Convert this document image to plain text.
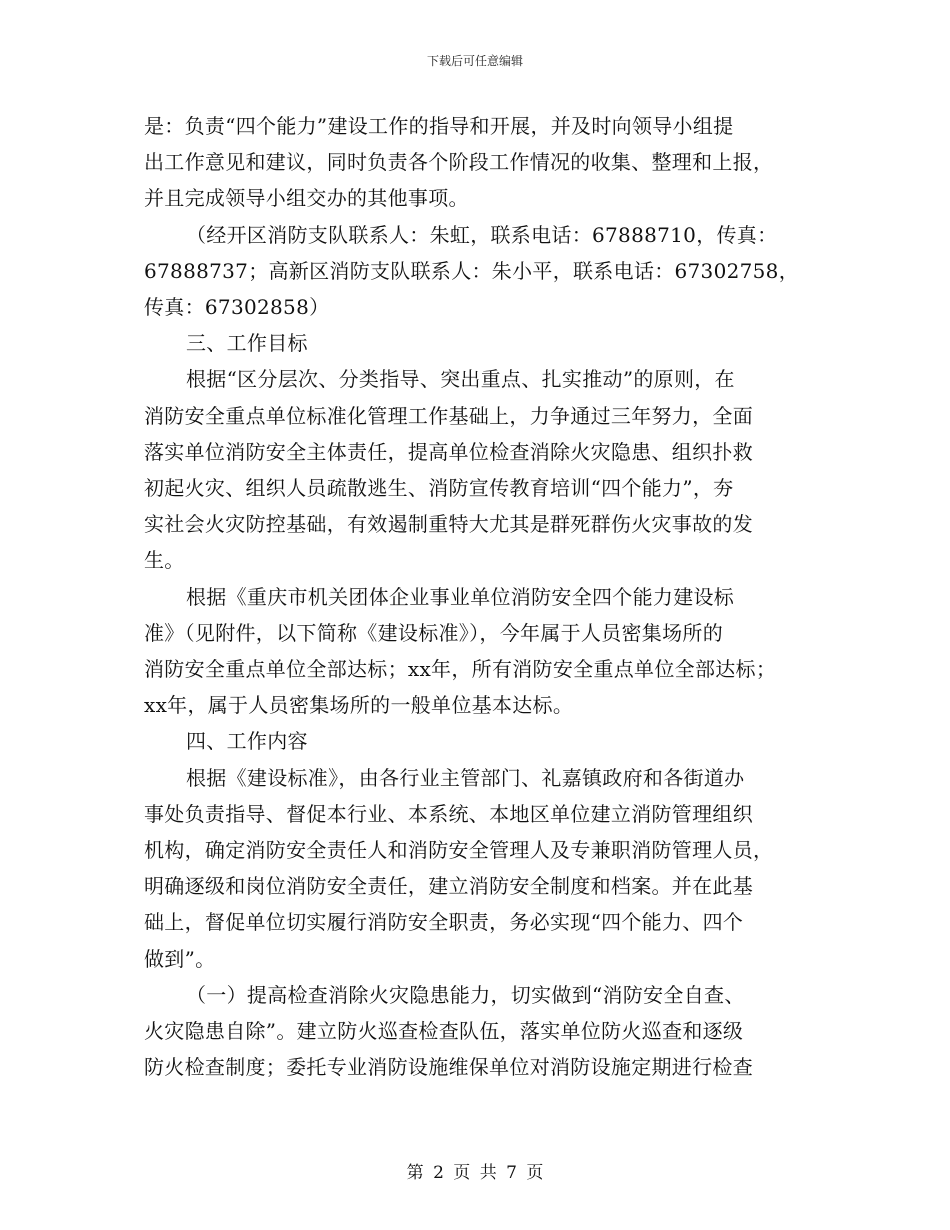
下载后可任意编辑
是：负责“四个能力”建设工作的指导和开展，并及时向领导小组提
出工作意见和建议，同时负责各个阶段工作情况的收集、整理和上报，
并且完成领导小组交办的其他事项。
（经开区消防支队联系人：朱虹，联系电话：67888710，传真：
67888737；高新区消防支队联系人：朱小平，联系电话：67302758，
传真：67302858）
三、工作目标
根据“区分层次、分类指导、突出重点、扎实推动”的原则，在
消防安全重点单位标准化管理工作基础上，力争通过三年努力，全面
落实单位消防安全主体责任，提高单位检查消除火灾隐患、组织扑救
初起火灾、组织人员疏散逃生、消防宣传教育培训“四个能力”，夯
实社会火灾防控基础，有效遏制重特大尤其是群死群伤火灾事故的发
生。
根据《重庆市机关团体企业事业单位消防安全四个能力建设标
准》（见附件，以下简称《建设标准》），今年属于人员密集场所的
消防安全重点单位全部达标；xx年，所有消防安全重点单位全部达标；
xx年，属于人员密集场所的一般单位基本达标。
四、工作内容
根据《建设标准》，由各行业主管部门、礼嘉镇政府和各街道办
事处负责指导、督促本行业、本系统、本地区单位建立消防管理组织
机构，确定消防安全责任人和消防安全管理人及专兼职消防管理人员，
明确逐级和岗位消防安全责任，建立消防安全制度和档案。并在此基
础上，督促单位切实履行消防安全职责，务必实现“四个能力、四个
做到”。
（一）提高检查消除火灾隐患能力，切实做到“消防安全自查、
火灾隐患自除”。建立防火巡查检查队伍，落实单位防火巡查和逐级
防火检查制度；委托专业消防设施维保单位对消防设施定期进行检查
第 2 页 共 7 页
